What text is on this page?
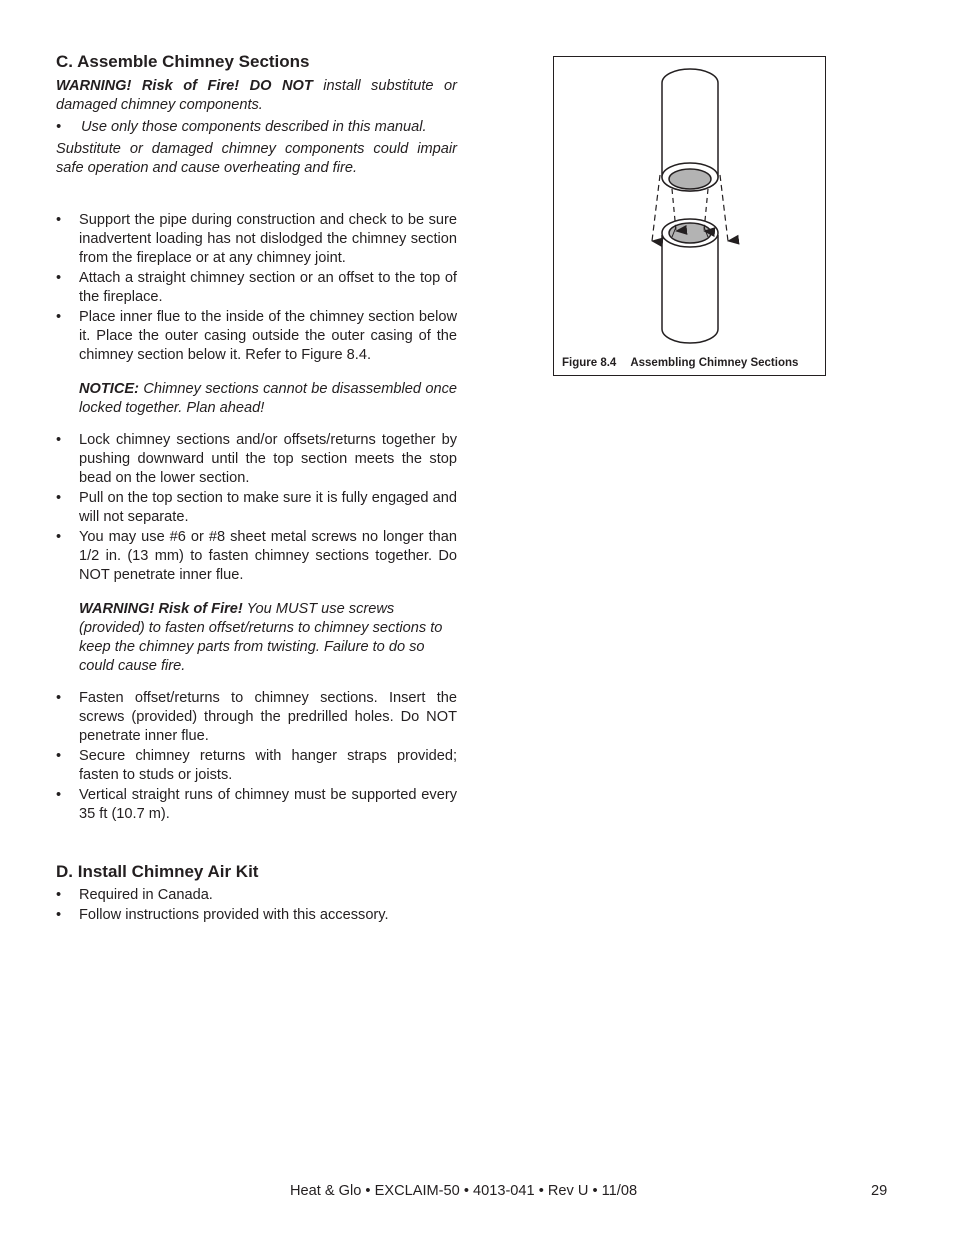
C. Assemble Chimney Sections

WARNING! Risk of Fire! DO NOT install substitute or damaged chimney components.

• Use only those components described in this manual.

Substitute or damaged chimney components could impair safe operation and cause overheating and fire.

• Support the pipe during construction and check to be sure inadvertent loading has not dislodged the chimney section from the fireplace or at any chimney joint.
• Attach a straight chimney section or an offset to the top of the fireplace.
• Place inner flue to the inside of the chimney section below it. Place the outer casing outside the outer casing of the chimney section below it. Refer to Figure 8.4.

NOTICE: Chimney sections cannot be disassembled once locked together. Plan ahead!

• Lock chimney sections and/or offsets/returns together by pushing downward until the top section meets the stop bead on the lower section.
• Pull on the top section to make sure it is fully engaged and will not separate.
• You may use #6 or #8 sheet metal screws no longer than 1/2 in. (13 mm) to fasten chimney sections together. Do NOT penetrate inner flue.

WARNING! Risk of Fire! You MUST use screws (provided) to fasten offset/returns to chimney sections to keep the chimney parts from twisting. Failure to do so could cause fire.

• Fasten offset/returns to chimney sections. Insert the screws (provided) through the predrilled holes. Do NOT penetrate inner flue.
• Secure chimney returns with hanger straps provided; fasten to studs or joists.
• Vertical straight runs of chimney must be supported every 35 ft (10.7 m).
D. Install Chimney Air Kit
• Required in Canada.
• Follow instructions provided with this accessory.
Figure 8.4 Assembling Chimney Sections
Heat & Glo • EXCLAIM-50 • 4013-041 • Rev U • 11/08	29
